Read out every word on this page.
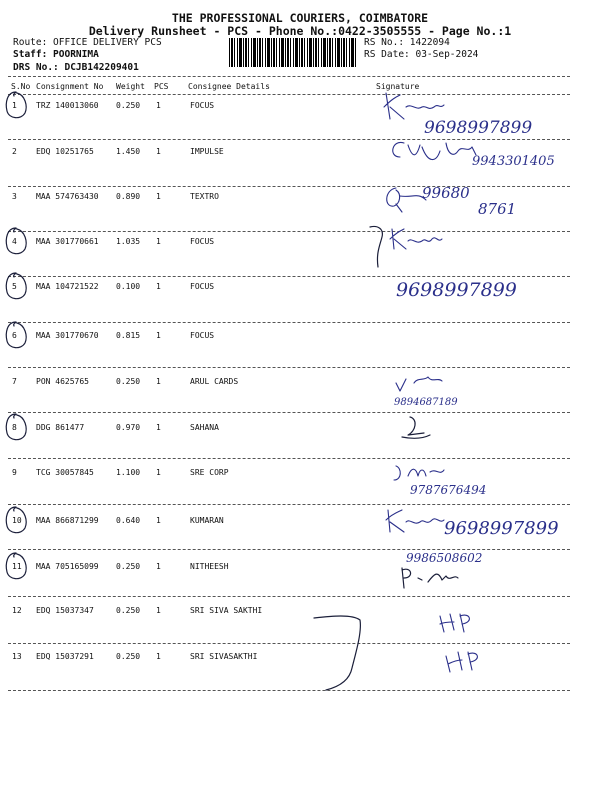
THE PROFESSIONAL COURIERS, COIMBATORE
Delivery Runsheet - PCS - Phone No.:0422-3505555 - Page No.:1
Route: OFFICE DELIVERY PCS
Staff: POORNIMA
DRS No.: DCJB142209401
RS No.: 1422094
RS Date: 03-Sep-2024
S.No Consignment No Weight PCS Consignee Details	Signature
1 TRZ 140013060 0.250 1	FOCUS
9698997899
2 EDQ 10251765	1.450 1	IMPULSE
9943301405
3 MAA 574763430 0.890 1	TEXTRO	99680
8761
4 MAA 301770661 1.035 1	FOCUS
5 MAA 104721522 0.100 1	FOCUS	9698997899
6 MAA 301770670 0.815 1	FOCUS
7 PON 4625765	0.250 1	ARUL CARDS
9894687189
8 DDG 861477	0.970 1	SAHANA
9 TCG 30057845	1.100 1	SRE CORP
9787676494
10 MAA 866871299 0.640 1	KUMARAN	9698997899
11 MAA 705165099 0.250 1	NITHEESH
9986508602
12 EDQ 15037347	0.250 1	SRI SIVA SAKTHI
13 EDQ 15037291	0.250 1	SRI SIVASAKTHI
